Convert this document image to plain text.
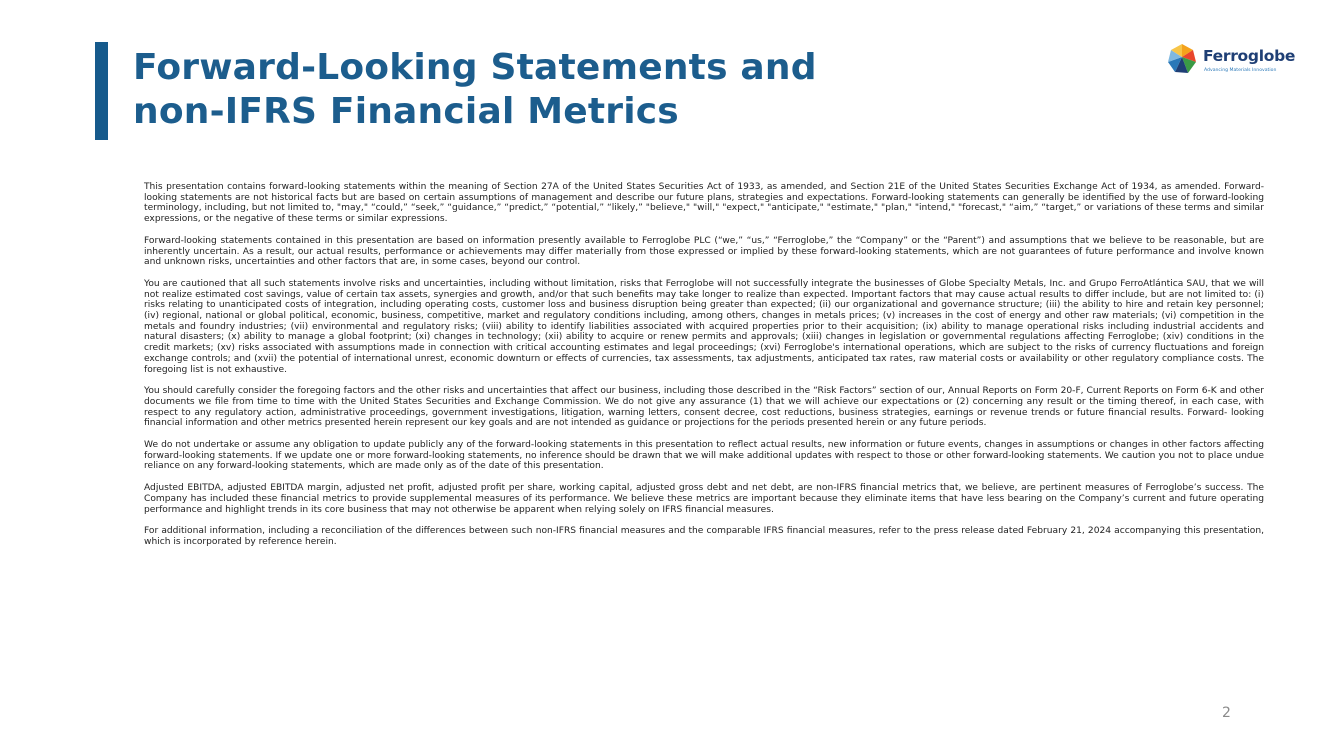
Forward-Looking Statements and
non-IFRS Financial Metrics
Ferroglobe
Advancing Materials Innovation

This presentation contains forward-looking statements within the meaning of Section 27A of the United States Securities Act of 1933, as amended, and Section 21E of the United States Securities Exchange Act of 1934, as amended. Forward-looking statements are not historical facts but are based on certain assumptions of management and describe our future plans, strategies and expectations. Forward-looking statements can generally be identified by the use of forward-looking terminology, including, but not limited to, "may," “could,” “seek,” “guidance,” “predict,” “potential,” “likely,” "believe," "will," "expect," "anticipate," "estimate," "plan," "intend," "forecast," “aim,” “target,” or variations of these terms and similar expressions, or the negative of these terms or similar expressions.

Forward-looking statements contained in this presentation are based on information presently available to Ferroglobe PLC (“we,” “us,” “Ferroglobe,” the “Company” or the “Parent”) and assumptions that we believe to be reasonable, but are inherently uncertain. As a result, our actual results, performance or achievements may differ materially from those expressed or implied by these forward-looking statements, which are not guarantees of future performance and involve known and unknown risks, uncertainties and other factors that are, in some cases, beyond our control.

You are cautioned that all such statements involve risks and uncertainties, including without limitation, risks that Ferroglobe will not successfully integrate the businesses of Globe Specialty Metals, Inc. and Grupo FerroAtlántica SAU, that we will not realize estimated cost savings, value of certain tax assets, synergies and growth, and/or that such benefits may take longer to realize than expected. Important factors that may cause actual results to differ include, but are not limited to: (i) risks relating to unanticipated costs of integration, including operating costs, customer loss and business disruption being greater than expected; (ii) our organizational and governance structure; (iii) the ability to hire and retain key personnel; (iv) regional, national or global political, economic, business, competitive, market and regulatory conditions including, among others, changes in metals prices; (v) increases in the cost of energy and other raw materials; (vi) competition in the metals and foundry industries; (vii) environmental and regulatory risks; (viii) ability to identify liabilities associated with acquired properties prior to their acquisition; (ix) ability to manage operational risks including industrial accidents and natural disasters; (x) ability to manage a global footprint; (xi) changes in technology; (xii) ability to acquire or renew permits and approvals; (xiii) changes in legislation or governmental regulations affecting Ferroglobe; (xiv) conditions in the credit markets; (xv) risks associated with assumptions made in connection with critical accounting estimates and legal proceedings; (xvi) Ferroglobe's international operations, which are subject to the risks of currency fluctuations and foreign exchange controls; and (xvii) the potential of international unrest, economic downturn or effects of currencies, tax assessments, tax adjustments, anticipated tax rates, raw material costs or availability or other regulatory compliance costs. The foregoing list is not exhaustive.

You should carefully consider the foregoing factors and the other risks and uncertainties that affect our business, including those described in the “Risk Factors” section of our, Annual Reports on Form 20-F, Current Reports on Form 6-K and other documents we file from time to time with the United States Securities and Exchange Commission. We do not give any assurance (1) that we will achieve our expectations or (2) concerning any result or the timing thereof, in each case, with respect to any regulatory action, administrative proceedings, government investigations, litigation, warning letters, consent decree, cost reductions, business strategies, earnings or revenue trends or future financial results. Forward- looking financial information and other metrics presented herein represent our key goals and are not intended as guidance or projections for the periods presented herein or any future periods.

We do not undertake or assume any obligation to update publicly any of the forward-looking statements in this presentation to reflect actual results, new information or future events, changes in assumptions or changes in other factors affecting forward-looking statements. If we update one or more forward-looking statements, no inference should be drawn that we will make additional updates with respect to those or other forward-looking statements. We caution you not to place undue reliance on any forward-looking statements, which are made only as of the date of this presentation.

Adjusted EBITDA, adjusted EBITDA margin, adjusted net profit, adjusted profit per share, working capital, adjusted gross debt and net debt, are non-IFRS financial metrics that, we believe, are pertinent measures of Ferroglobe’s success. The Company has included these financial metrics to provide supplemental measures of its performance. We believe these metrics are important because they eliminate items that have less bearing on the Company’s current and future operating performance and highlight trends in its core business that may not otherwise be apparent when relying solely on IFRS financial measures.

For additional information, including a reconciliation of the differences between such non-IFRS financial measures and the comparable IFRS financial measures, refer to the press release dated February 21, 2024 accompanying this presentation, which is incorporated by reference herein.

2
